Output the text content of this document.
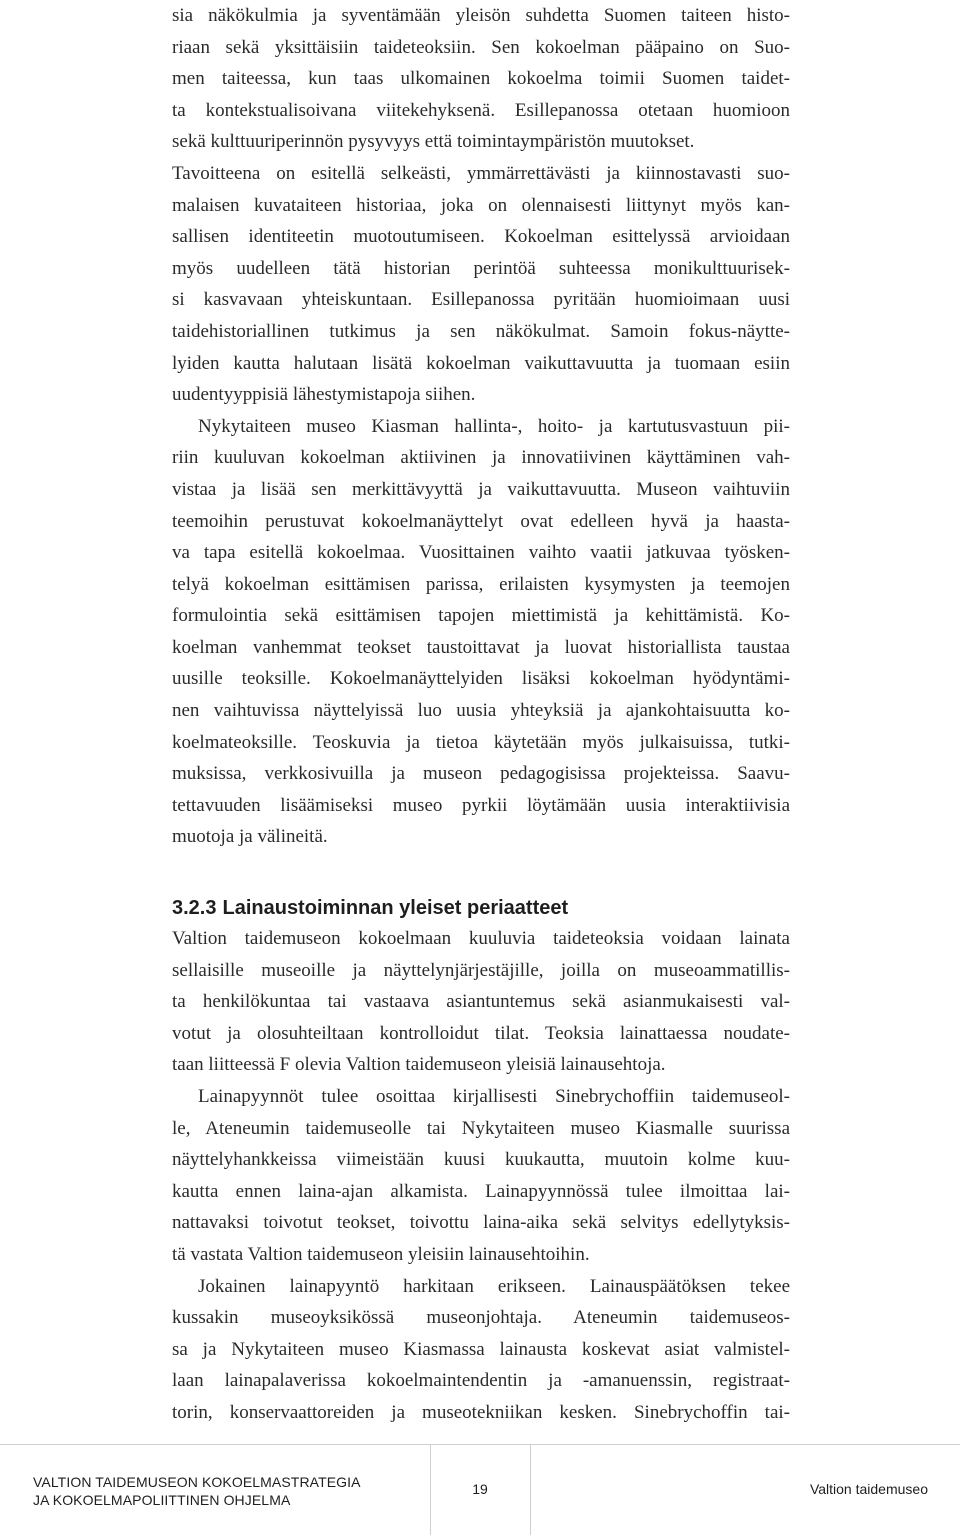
sia näkökulmia ja syventämään yleisön suhdetta Suomen taiteen histo-
riaan sekä yksittäisiin taideteoksiin. Sen kokoelman pääpaino on Suo-
men taiteessa, kun taas ulkomainen kokoelma toimii Suomen taidet-
ta kontekstualisoivana viitekehyksenä. Esillepanossa otetaan huomioon
sekä kulttuuriperinnön pysyvyys että toimintaympäristön muutokset.
Tavoitteena on esitellä selkeästi, ymmärrettävästi ja kiinnostavasti suo-
malaisen kuvataiteen historiaa, joka on olennaisesti liittynyt myös kan-
sallisen identiteetin muotoutumiseen. Kokoelman esittelyssä arvioidaan
myös uudelleen tätä historian perintöä suhteessa monikulttuurisek-
si kasvavaan yhteiskuntaan. Esillepanossa pyritään huomioimaan uusi
taidehistoriallinen tutkimus ja sen näkökulmat. Samoin fokus-näytte-
lyiden kautta halutaan lisätä kokoelman vaikuttavuutta ja tuomaan esiin
uudentyyppisiä lähestymistapoja siihen.
Nykytaiteen museo Kiasman hallinta-, hoito- ja kartutusvastuun pii-
riin kuuluvan kokoelman aktiivinen ja innovatiivinen käyttäminen vah-
vistaa ja lisää sen merkittävyyttä ja vaikuttavuutta. Museon vaihtuviin
teemoihin perustuvat kokoelmanäyttelyt ovat edelleen hyvä ja haasta-
va tapa esitellä kokoelmaa. Vuosittainen vaihto vaatii jatkuvaa työsken-
telyä kokoelman esittämisen parissa, erilaisten kysymysten ja teemojen
formulointia sekä esittämisen tapojen miettimistä ja kehittämistä. Ko-
koelman vanhemmat teokset taustoittavat ja luovat historiallista taustaa
uusille teoksille. Kokoelmanäyttelyiden lisäksi kokoelman hyödyntämi-
nen vaihtuvissa näyttelyissä luo uusia yhteyksiä ja ajankohtaisuutta ko-
koelmateoksille. Teoskuvia ja tietoa käytetään myös julkaisuissa, tutki-
muksissa, verkkosivuilla ja museon pedagogisissa projekteissa. Saavu-
tettavuuden lisäämiseksi museo pyrkii löytämään uusia interaktiivisia
muotoja ja välineitä.
3.2.3 Lainaustoiminnan yleiset periaatteet
Valtion taidemuseon kokoelmaan kuuluvia taideteoksia voidaan lainata
sellaisille museoille ja näyttelynjärjestäjille, joilla on museoammatillis-
ta henkilökuntaa tai vastaava asiantuntemus sekä asianmukaisesti val-
votut ja olosuhteiltaan kontrolloidut tilat. Teoksia lainattaessa noudate-
taan liitteessä F olevia Valtion taidemuseon yleisiä lainausehtoja.
Lainapyynnöt tulee osoittaa kirjallisesti Sinebrychoffiin taidemuseol-
le, Ateneumin taidemuseolle tai Nykytaiteen museo Kiasmalle suurissa
näyttelyhankkeissa viimeistään kuusi kuukautta, muutoin kolme kuu-
kautta ennen laina-ajan alkamista. Lainapyynnössä tulee ilmoittaa lai-
nattavaksi toivotut teokset, toivottu laina-aika sekä selvitys edellytyksis-
tä vastata Valtion taidemuseon yleisiin lainausehtoihin.
Jokainen lainapyyntö harkitaan erikseen. Lainauspäätöksen tekee
kussakin museoyksikössä museonjohtaja. Ateneumin taidemuseos-
sa ja Nykytaiteen museo Kiasmassa lainausta koskevat asiat valmistel-
laan lainapalaverissa kokoelmaintendentin ja -amanuenssin, registraat-
torin, konservaattoreiden ja museotekniikan kesken. Sinebrychoffin tai-
VALTION TAIDEMUSEON KOKOELMASTRATEGIA
JA KOKOELMAPOLIITTINEN OHJELMA
19	Valtion taidemuseo
